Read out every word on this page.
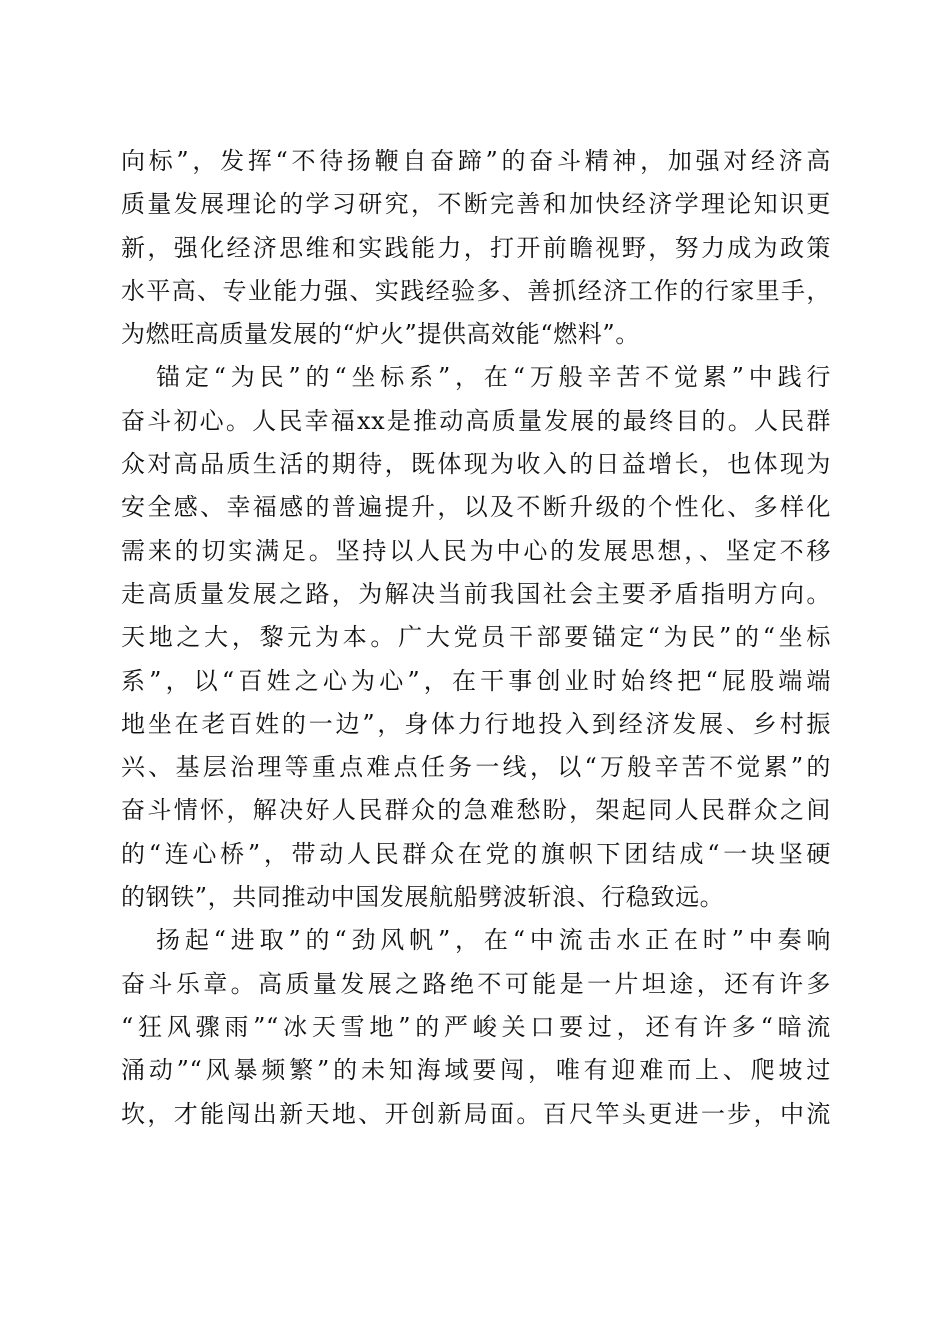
向标”，发挥“不待扬鞭自奋蹄”的奋斗精神，加强对经济高
质量发展理论的学习研究，不断完善和加快经济学理论知识更
新，强化经济思维和实践能力，打开前瞻视野，努力成为政策
水平高、专业能力强、实践经验多、善抓经济工作的行家里手，
为燃旺高质量发展的“炉火”提供高效能“燃料”。
锚定“为民”的“坐标系”，在“万般辛苦不觉累”中践行
奋斗初心。人民幸福xx是推动高质量发展的最终目的。人民群
众对高品质生活的期待，既体现为收入的日益增长，也体现为
安全感、幸福感的普遍提升，以及不断升级的个性化、多样化
需来的切实满足。坚持以人民为中心的发展思想，、坚定不移
走高质量发展之路，为解决当前我国社会主要矛盾指明方向。
天地之大，黎元为本。广大党员干部要锚定“为民”的“坐标
系”，以“百姓之心为心”，在干事创业时始终把“屁股端端
地坐在老百姓的一边”，身体力行地投入到经济发展、乡村振
兴、基层治理等重点难点任务一线，以“万般辛苦不觉累”的
奋斗情怀，解决好人民群众的急难愁盼，架起同人民群众之间
的“连心桥”，带动人民群众在党的旗帜下团结成“一块坚硬
的钢铁”，共同推动中国发展航船劈波斩浪、行稳致远。
扬起“进取”的“劲风帆”，在“中流击水正在时”中奏响
奋斗乐章。高质量发展之路绝不可能是一片坦途，还有许多
“狂风骤雨”“冰天雪地”的严峻关口要过，还有许多“暗流
涌动”“风暴频繁”的未知海域要闯，唯有迎难而上、爬坡过
坎，才能闯出新天地、开创新局面。百尺竿头更进一步，中流
